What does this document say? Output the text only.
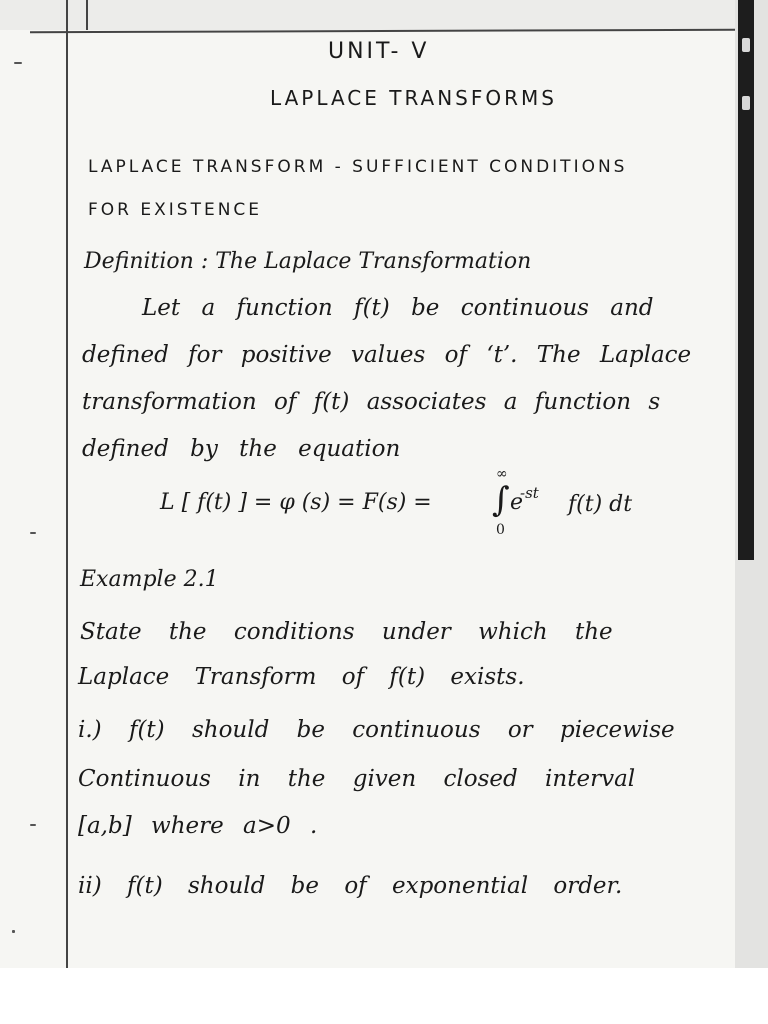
UNIT- V
LAPLACE TRANSFORMS
LAPLACE TRANSFORM - SUFFICIENT CONDITIONS
FOR EXISTENCE
Definition : The Laplace Transformation
Let a function f(t) be continuous and
defined for positive values of ‘t’. The Laplace
transformation of f(t) associates a function s
defined by the equation
L [ f(t) ] = φ (s) = F(s) =
∞
∫
0
e
-st f(t) dt
Example 2.1
State the conditions under which the
Laplace Transform of f(t) exists.
i.) f(t) should be continuous or piecewise
Continuous in the given closed interval
[a,b] where a>0 .
ii) f(t) should be of exponential order.
